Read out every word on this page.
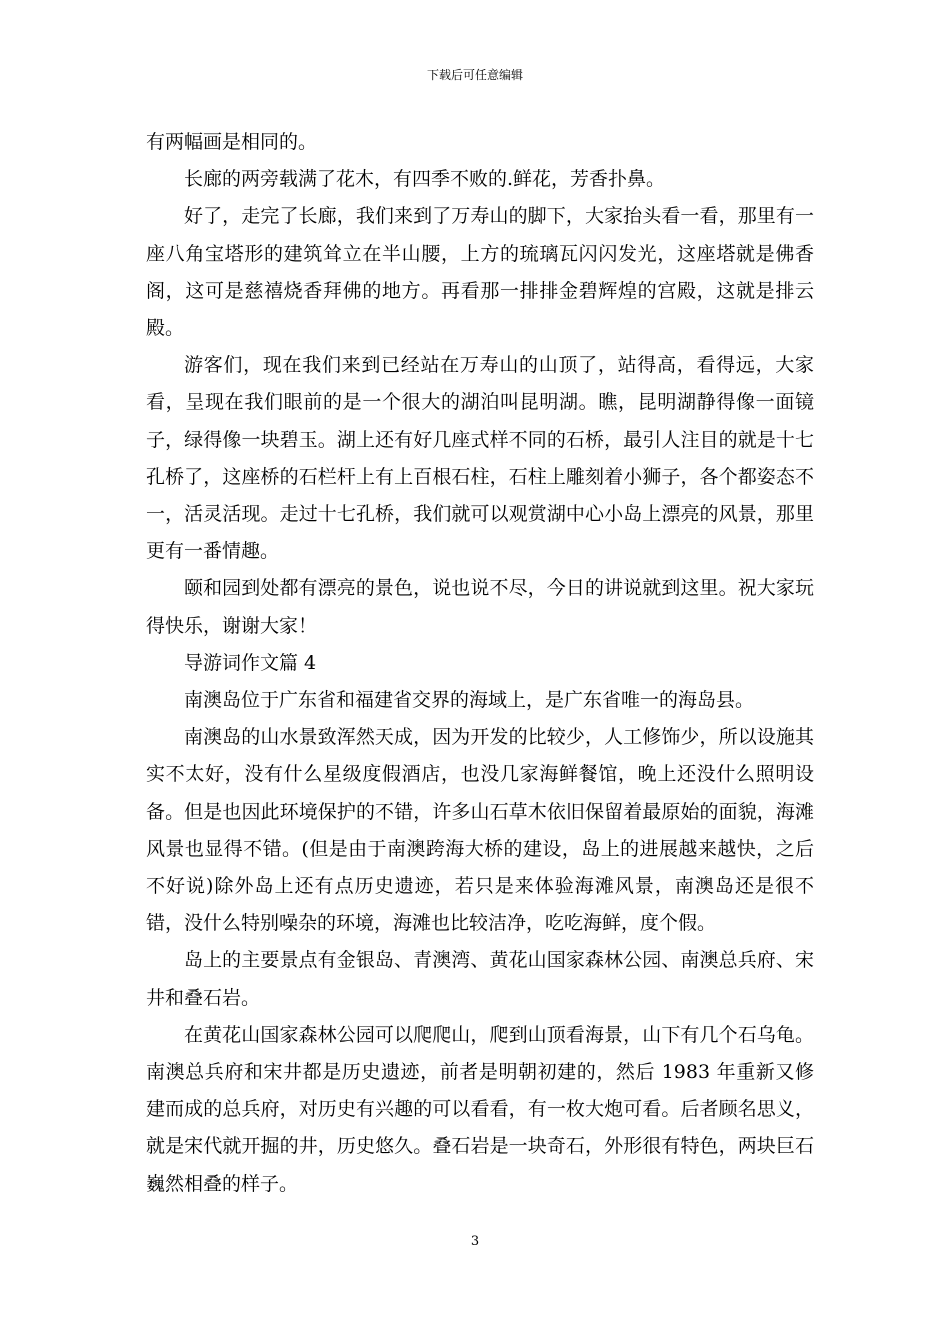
下载后可任意编辑

有两幅画是相同的。

长廊的两旁载满了花木，有四季不败的.鲜花，芳香扑鼻。

好了，走完了长廊，我们来到了万寿山的脚下，大家抬头看一看，那里有一座八角宝塔形的建筑耸立在半山腰，上方的琉璃瓦闪闪发光，这座塔就是佛香阁，这可是慈禧烧香拜佛的地方。再看那一排排金碧辉煌的宫殿，这就是排云殿。

游客们，现在我们来到已经站在万寿山的山顶了，站得高，看得远，大家看，呈现在我们眼前的是一个很大的湖泊叫昆明湖。瞧，昆明湖静得像一面镜子，绿得像一块碧玉。湖上还有好几座式样不同的石桥，最引人注目的就是十七孔桥了，这座桥的石栏杆上有上百根石柱，石柱上雕刻着小狮子，各个都姿态不一，活灵活现。走过十七孔桥，我们就可以观赏湖中心小岛上漂亮的风景，那里更有一番情趣。

颐和园到处都有漂亮的景色，说也说不尽，今日的讲说就到这里。祝大家玩得快乐，谢谢大家！

导游词作文篇 4

南澳岛位于广东省和福建省交界的海域上，是广东省唯一的海岛县。

南澳岛的山水景致浑然天成，因为开发的比较少，人工修饰少，所以设施其实不太好，没有什么星级度假酒店，也没几家海鲜餐馆，晚上还没什么照明设备。但是也因此环境保护的不错，许多山石草木依旧保留着最原始的面貌，海滩风景也显得不错。(但是由于南澳跨海大桥的建设，岛上的进展越来越快，之后不好说)除外岛上还有点历史遗迹，若只是来体验海滩风景，南澳岛还是很不错，没什么特别噪杂的环境，海滩也比较洁净，吃吃海鲜，度个假。

岛上的主要景点有金银岛、青澳湾、黄花山国家森林公园、南澳总兵府、宋井和叠石岩。

在黄花山国家森林公园可以爬爬山，爬到山顶看海景，山下有几个石乌龟。南澳总兵府和宋井都是历史遗迹，前者是明朝初建的，然后 1983 年重新又修建而成的总兵府，对历史有兴趣的可以看看，有一枚大炮可看。后者顾名思义，就是宋代就开掘的井，历史悠久。叠石岩是一块奇石，外形很有特色，两块巨石巍然相叠的样子。

3
